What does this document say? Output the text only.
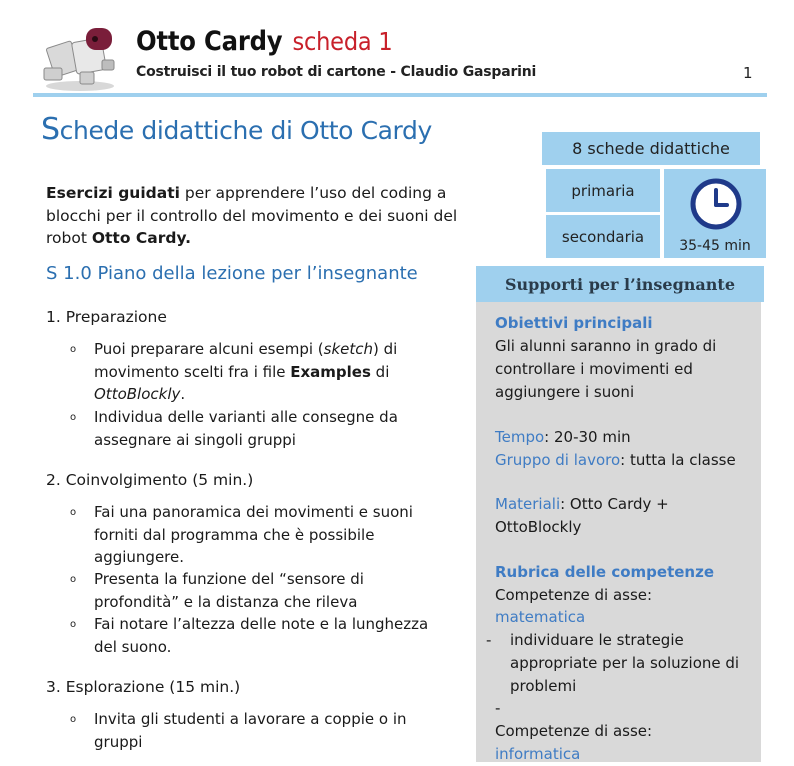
Otto Cardy scheda 1
Costruisci il tuo robot di cartone - Claudio Gasparini	1
Schede didattiche di Otto Cardy
Esercizi guidati per apprendere l’uso del coding a blocchi per il controllo del movimento e dei suoni del robot Otto Cardy.
S 1.0 Piano della lezione per l’insegnante
1. Preparazione
o Puoi preparare alcuni esempi (sketch) di movimento scelti fra i file Examples di OttoBlockly.
o Individua delle varianti alle consegne da assegnare ai singoli gruppi
2. Coinvolgimento (5 min.)
o Fai una panoramica dei movimenti e suoni forniti dal programma che è possibile aggiungere.
o Presenta la funzione del “sensore di profondità” e la distanza che rileva
o Fai notare l’altezza delle note e la lunghezza del suono.
3. Esplorazione (15 min.)
o Invita gli studenti a lavorare a coppie o in gruppi
8 schede didattiche
primaria
secondaria
35-45 min
Supporti per l’insegnante
Obiettivi principali
Gli alunni saranno in grado di
controllare i movimenti ed
aggiungere i suoni
Tempo: 20-30 min
Gruppo di lavoro: tutta la classe
Materiali: Otto Cardy +
OttoBlockly
Rubrica delle competenze
Competenze di asse:
matematica
- individuare le strategie
appropriate per la soluzione di
problemi
-
Competenze di asse:
informatica
